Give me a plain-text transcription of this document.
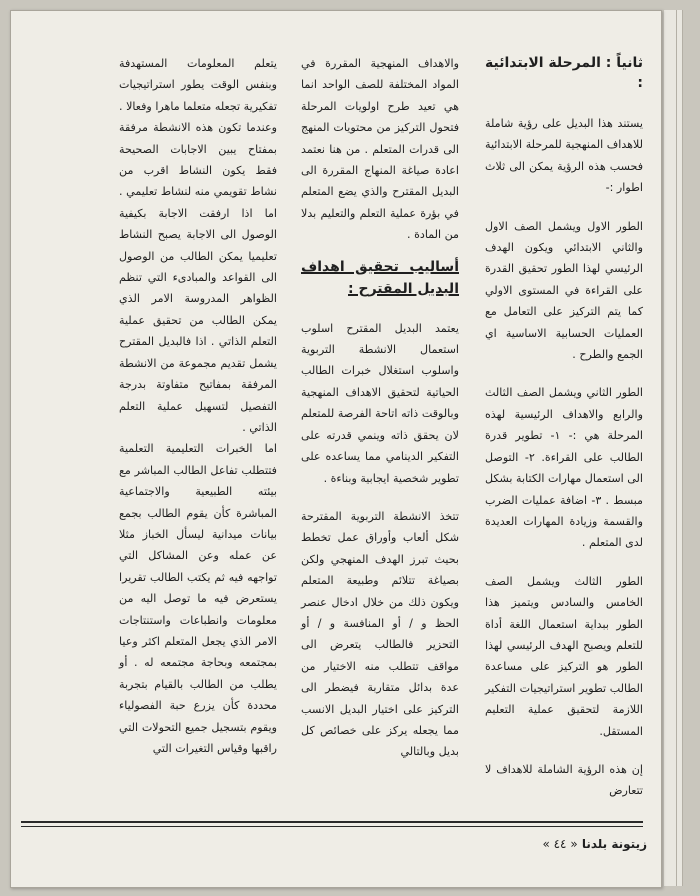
ثانياً : المرحلة الابتدائية :

يستند هذا البديل على رؤية شاملة للاهداف المنهجية للمرحلة الابتدائية فحسب هذه الرؤية يمكن الى ثلاث اطوار :-

الطور الاول ويشمل الصف الاول والثاني الابتدائي ويكون الهدف الرئيسي لهذا الطور تحقيق القدرة على القراءة في المستوى الاولي كما يتم التركيز على التعامل مع العمليات الحسابية الاساسية اي الجمع والطرح .

الطور الثاني ويشمل الصف الثالث والرابع والاهداف الرئيسية لهذه المرحلة هي :- ١- تطوير قدرة الطالب على القراءة. ٢- التوصل الى استعمال مهارات الكتابة بشكل مبسط . ٣- اضافة عمليات الضرب والقسمة وزيادة المهارات العديدة لدى المتعلم .

الطور الثالث ويشمل الصف الخامس والسادس ويتميز هذا الطور ببداية استعمال اللغة أداة للتعلم ويصبح الهدف الرئيسي لهذا الطور هو التركيز على مساعدة الطالب تطوير استراتيجيات التفكير اللازمة لتحقيق عملية التعليم المستقل.

إن هذه الرؤية الشاملة للاهداف لا تتعارض

والاهداف المنهجية المقررة في المواد المختلفة للصف الواحد انما هي تعيد طرح اولويات المرحلة فتحول التركيز من محتويات المنهج الى قدرات المتعلم . من هنا نعتمد اعادة صياغة المنهاج المقررة الى البديل المقترح والذي يضع المتعلم في بؤرة عملية التعلم والتعليم بدلا من المادة .

أساليب تحقيق اهداف البديل المقترح :

يعتمد البديل المقترح اسلوب استعمال الانشطة التربوية واسلوب استغلال خبرات الطالب الحياتية لتحقيق الاهداف المنهجية وبالوقت ذاته اتاحة الفرصة للمتعلم لان يحقق ذاته وينمي قدرته على التفكير الدينامي مما يساعده على تطوير شخصية ايجابية وبناءة .

تتخذ الانشطة التربوية المقترحة شكل ألعاب وأوراق عمل تخطط بحيث تبرز الهدف المنهجي ولكن بصياغة تتلائم وطبيعة المتعلم ويكون ذلك من خلال ادخال عنصر الحظ و / أو المنافسة و / أو التحزير فالطالب يتعرض الى مواقف تتطلب منه الاختيار من عدة بدائل متقاربة فيضطر الى التركيز على اختيار البديل الانسب مما يجعله يركز على خصائص كل بديل وبالتالي

يتعلم المعلومات المستهدفة وبنفس الوقت يطور استراتيجيات تفكيرية تجعله متعلما ماهرا وفعالا . وعندما تكون هذه الانشطة مرفقة بمفتاح يبين الاجابات الصحيحة فقط يكون النشاط اقرب من نشاط تقويمي منه لنشاط تعليمي . اما اذا ارفقت الاجابة بكيفية الوصول الى الاجابة يصبح النشاط تعليميا يمكن الطالب من الوصول الى القواعد والمبادىء التي تنظم الظواهر المدروسة الامر الذي يمكن الطالب من تحقيق عملية التعلم الذاتي . اذا فالبديل المقترح يشمل تقديم مجموعة من الانشطة المرفقة بمفاتيح متفاوتة بدرجة التفصيل لتسهيل عملية التعلم الذاتي .

اما الخبرات التعليمية التعلمية فتتطلب تفاعل الطالب المباشر مع بيئته الطبيعية والاجتماعية المباشرة كأن يقوم الطالب بجمع بيانات ميدانية ليسأل الخباز مثلا عن عمله وعن المشاكل التي تواجهه فيه ثم يكتب الطالب تقريرا يستعرض فيه ما توصل اليه من معلومات وانطباعات واستنتاجات الامر الذي يجعل المتعلم اكثر وعيا بمجتمعه وبحاجة مجتمعه له . أو يطلب من الطالب بالقيام بتجربة محددة كأن يزرع حبة الفصولياء ويقوم بتسجيل جميع التحولات التي راقبها وقياس التغيرات التي

زيتونة بلدنا « ٤٤ »
